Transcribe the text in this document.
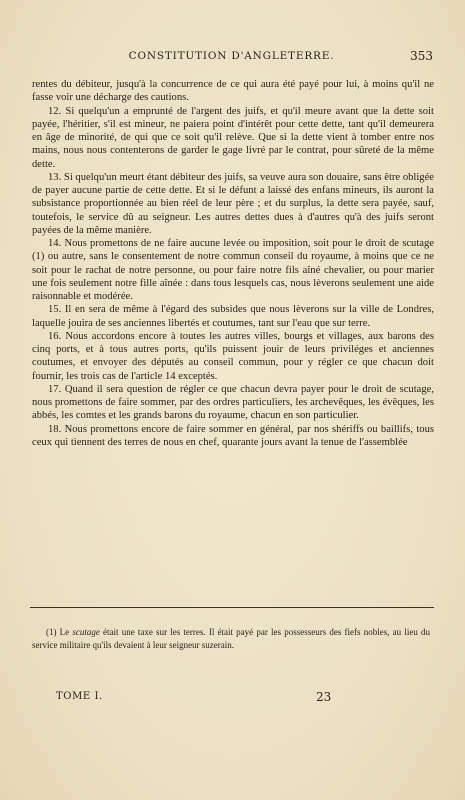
CONSTITUTION D'ANGLETERRE.	353

rentes du débiteur, jusqu'à la concurrence de ce qui aura été payé pour lui, à moins qu'il ne fasse voir une décharge des cautions.

12. Si quelqu'un a emprunté de l'argent des juifs, et qu'il meure avant que la dette soit payée, l'héritier, s'il est mineur, ne paiera point d'intérêt pour cette dette, tant qu'il demeurera en âge de minorité, de qui que ce soit qu'il relève. Que si la dette vient à tomber entre nos mains, nous nous contenterons de garder le gage livré par le contrat, pour sûreté de la même dette.

13. Si quelqu'un meurt étant débiteur des juifs, sa veuve aura son douaire, sans être obligée de payer aucune partie de cette dette. Et si le défunt a laissé des enfans mineurs, ils auront la subsistance proportionnée au bien réel de leur père ; et du surplus, la dette sera payée, sauf, toutefois, le service dû au seigneur. Les autres dettes dues à d'autres qu'à des juifs seront payées de la même manière.

14. Nous promettons de ne faire aucune levée ou imposition, soit pour le droit de scutage (1) ou autre, sans le consentement de notre commun conseil du royaume, à moins que ce ne soit pour le rachat de notre personne, ou pour faire notre fils aîné chevalier, ou pour marier une fois seulement notre fille aînée : dans tous lesquels cas, nous lèverons seulement une aide raisonnable et modérée.

15. Il en sera de même à l'égard des subsides que nous lèverons sur la ville de Londres, laquelle jouira de ses anciennes libertés et coutumes, tant sur l'eau que sur terre.

16. Nous accordons encore à toutes les autres villes, bourgs et villages, aux barons des cinq ports, et à tous autres ports, qu'ils puissent jouir de leurs priviléges et anciennes coutumes, et envoyer des députés au conseil commun, pour y régler ce que chacun doit fournir, les trois cas de l'article 14 exceptés.

17. Quand il sera question de régler ce que chacun devra payer pour le droit de scutage, nous promettons de faire sommer, par des ordres particuliers, les archevêques, les évêques, les abbés, les comtes et les grands barons du royaume, chacun en son particulier.

18. Nous promettons encore de faire sommer en général, par nos shériffs ou baillifs, tous ceux qui tiennent des terres de nous en chef, quarante jours avant la tenue de l'assemblée

(1) Le scutage était une taxe sur les terres. Il était payé par les possesseurs des fiefs nobles, au lieu du service militaire qu'ils devaient à leur seigneur suzerain.

TOME I.	23
